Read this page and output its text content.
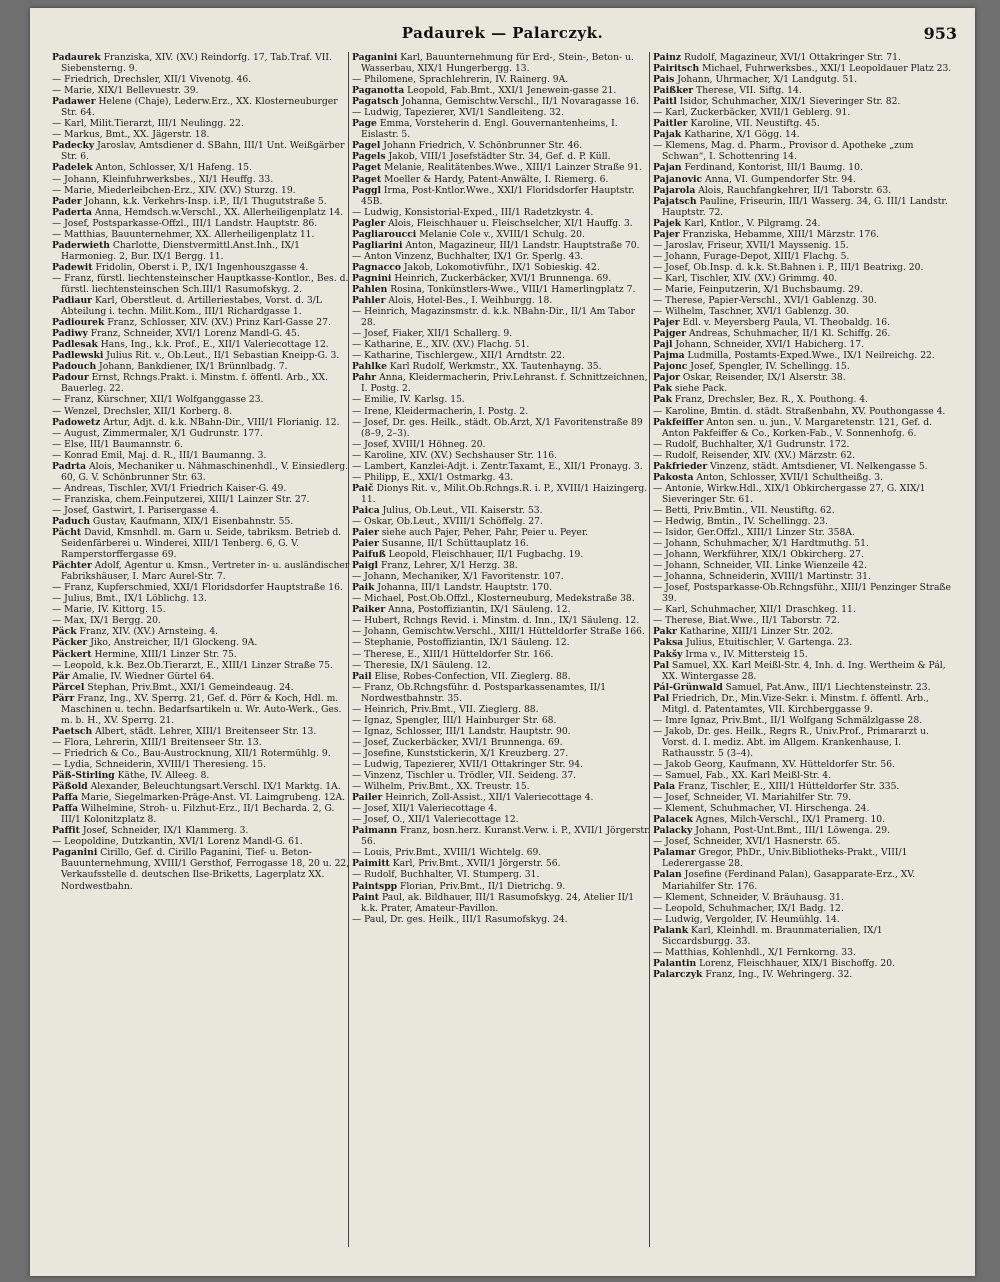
Padaurek — Palarczyk.	953

Padaurek Franziska, XIV. (XV.) Reindorfg. 17, Tab.Traf. VII. Siebensterng. 9.

— Friedrich, Drechsler, XII/1 Vivenotg. 46.

— Marie, XIX/1 Bellevuestr. 39.

Padawer Helene (Chaje), Lederw.Erz., XX. Klosterneuburger Str. 64.

— Karl, Milit.Tierarzt, III/1 Neulingg. 22.

— Markus, Bmt., XX. Jägerstr. 18.

Padecky Jaroslav, Amtsdiener d. SBahn, III/1 Unt. Weißgärber Str. 6.

Padelek Anton, Schlosser, X/1 Hafeng. 15.

— Johann, Kleinfuhrwerksbes., XI/1 Heuffg. 33.

— Marie, Miederleibchen-Erz., XIV. (XV.) Sturzg. 19.

Pader Johann, k.k. Verkehrs-Insp. i.P., II/1 Thugutstraße 5.

Paderta Anna, Hemdsch.w.Verschl., XX. Allerheiligenplatz 14.

— Josef, Postsparkasse-Offzl., III/1 Landstr. Hauptstr. 86.

— Matthias, Bauunternehmer, XX. Allerheiligenplatz 11.

Paderwieth Charlotte, Dienstvermittl.Anst.Inh., IX/1 Harmonieg. 2, Bur. IX/1 Bergg. 11.

Padewit Fridolin, Oberst i. P., IX/1 Ingenhouszgasse 4.

— Franz, fürstl. liechtensteinscher Hauptkasse-Kontlor., Bes. d. fürstl. liechtensteinschen Sch.III/1 Rasumofskyg. 2.

Padiaur Karl, Oberstleut. d. Artilleriestabes, Vorst. d. 3/L Abteilung i. techn. Milit.Kom., III/1 Richardgasse 1.

Padiourek Franz, Schlosser, XIV. (XV.) Prinz Karl-Gasse 27.

Padiwy Franz, Schneider, XVI/1 Lorenz Mandl-G. 45.

Padlesak Hans, Ing., k.k. Prof., E., XII/1 Valeriecottage 12.

Padlewski Julius Rit. v., Ob.Leut., II/1 Sebastian Kneipp-G. 3.

Padouch Johann, Bankdiener, IX/1 Brünnlbadg. 7.

Padour Ernst, Rchngs.Prakt. i. Minstm. f. öffentl. Arb., XX. Bauerleg. 22.

— Franz, Kürschner, XII/1 Wolfganggasse 23.

— Wenzel, Drechsler, XII/1 Korberg. 8.

Padowetz Artur, Adjt. d. k.k. NBahn-Dir., VIII/1 Florianig. 12.

— August, Zimmermaler, X/1 Gudrunstr. 177.

— Else, III/1 Baumannstr. 6.

— Konrad Emil, Maj. d. R., III/1 Baumanng. 3.

Padrta Alois, Mechaniker u. Nähmaschinenhdl., V. Einsiedlerg. 60, G. V. Schönbrunner Str. 63.

— Andreas, Tischler, XVI/1 Friedrich Kaiser-G. 49.

— Franziska, chem.Feinputzerei, XIII/1 Lainzer Str. 27.

— Josef, Gastwirt, I. Parisergasse 4.

Paduch Gustav, Kaufmann, XIX/1 Eisenbahnstr. 55.

Pächt David, Kmsnhdl. m. Garn u. Seide, tabriksm. Betrieb d. Seidenfärberei u. Winderei, XIII/1 Tenberg. 6, G. V. Ramperstorffergasse 69.

Pächter Adolf, Agentur u. Kmsn., Vertreter in- u. ausländischer Fabrikshäuser, I. Marc Aurel-Str. 7.

— Franz, Kupferschmied, XXI/1 Floridsdorfer Hauptstraße 16.

— Julius, Bmt., IX/1 Löblichg. 13.

— Marie, IV. Kittorg. 15.

— Max, IX/1 Bergg. 20.

Päck Franz, XIV. (XV.) Arnsteing. 4.

Päcker Jiko, Anstreicher, II/1 Glockeng. 9A.

Päckert Hermine, XIII/1 Linzer Str. 75.

— Leopold, k.k. Bez.Ob.Tierarzt, E., XIII/1 Linzer Straße 75.

Pär Amalie, IV. Wiedner Gürtel 64.

Pärcel Stephan, Priv.Bmt., XXI/1 Gemeindeaug. 24.

Pärr Franz, Ing., XV. Sperrg. 21, Gef. d. Pörr & Koch, Hdl. m. Maschinen u. techn. Bedarfsartikeln u. Wr. Auto-Werk., Ges. m. b. H., XV. Sperrg. 21.

Paetsch Albert, städt. Lehrer, XIII/1 Breitenseer Str. 13.

— Flora, Lehrerin, XIII/1 Breitenseer Str. 13.

— Friedrich & Co., Bau-Austrocknung, XII/1 Rotermühlg. 9.

— Lydia, Schneiderin, XVIII/1 Theresieng. 15.

Päß-Stirling Käthe, IV. Alleeg. 8.

Päßold Alexander, Beleuchtungsart.Verschl. IX/1 Marktg. 1A.

Paffa Marie, Siegelmarken-Präge-Anst. VI. Laimgrubeng. 12A.

Paffa Wilhelmine, Stroh- u. Filzhut-Erz., II/1 Becharda. 2, G. III/1 Kolonitzplatz 8.

Paffit Josef, Schneider, IX/1 Klammerg. 3.

— Leopoldine, Dutzkantin, XVI/1 Lorenz Mandl-G. 61.

Paganini Cirillo, Gef. d. Cirillo Paganini, Tief- u. Beton-Bauunternehmung, XVIII/1 Gersthof, Ferrogasse 18, 20 u. 22, Verkaufsstelle d. deutschen Ilse-Briketts, Lagerplatz XX. Nordwestbahn.

Paganini Karl, Bauunternehmung für Erd-, Stein-, Beton- u. Wasserbau, XIX/1 Hungerbergg. 13.

— Philomene, Sprachlehrerin, IV. Rainerg. 9A.

Paganotta Leopold, Fab.Bmt., XXI/1 Jenewein-gasse 21.

Pagatsch Johanna, Gemischtw.Verschl., II/1 Novaragasse 16.

— Ludwig, Tapezierer, XVI/1 Sandleiteng. 32.

Page Emma, Vorsteherin d. Engl. Gouvernantenheims, I. Eislastr. 5.

Pagel Johann Friedrich, V. Schönbrunner Str. 46.

Pagels Jakob, VIII/1 Josefstädter Str. 34, Gef. d. P. Küll.

Paget Melanie, Realitätenbes.Wwe., XIII/1 Lainzer Straße 91.

Paget Moeller & Hardy, Patent-Anwälte, I. Riemerg. 6.

Paggl Irma, Post-Kntlor.Wwe., XXI/1 Floridsdorfer Hauptstr. 45B.

— Ludwig, Konsistorial-Exped., III/1 Radetzkystr. 4.

Pagler Alois, Fleischhauer u. Fleischselcher, XI/1 Hauffg. 3.

Pagliaroucci Melanie Cole v., XVIII/1 Schulg. 20.

Pagliarini Anton, Magazineur, III/1 Landstr. Hauptstraße 70.

— Anton Vinzenz, Buchhalter, IX/1 Gr. Sperlg. 43.

Pagnacco Jakob, Lokomotivführ., IX/1 Sobieskig. 42.

Pagnini Heinrich, Zuckerbäcker, XVI/1 Brunnenga. 69.

Pahlen Rosina, Tonkünstlers-Wwe., VIII/1 Hamerlingplatz 7.

Pahler Alois, Hotel-Bes., I. Weihburgg. 18.

— Heinrich, Magazinsmstr. d. k.k. NBahn-Dir., II/1 Am Tabor 28.

— Josef, Fiaker, XII/1 Schallerg. 9.

— Katharine, E., XIV. (XV.) Flachg. 51.

— Katharine, Tischlergew., XII/1 Arndtstr. 22.

Pahlke Karl Rudolf, Werkmstr., XX. Tautenhayng. 35.

Pahr Anna, Kleidermacherin, Priv.Lehranst. f. Schnittzeichnen, I. Postg. 2.

— Emilie, IV. Karlsg. 15.

— Irene, Kleidermacherin, I. Postg. 2.

— Josef, Dr. ges. Heilk., städt. Ob.Arzt, X/1 Favoritenstraße 89 (8–9, 2–3).

— Josef, XVIII/1 Höhneg. 20.

— Karoline, XIV. (XV.) Sechshauser Str. 116.

— Lambert, Kanzlei-Adjt. i. Zentr.Taxamt, E., XII/1 Pronayg. 3.

— Philipp, E., XXI/1 Ostmarkg. 43.

Paič Dionys Rit. v., Milit.Ob.Rchngs.R. i. P., XVIII/1 Haizingerg. 11.

Paica Julius, Ob.Leut., VII. Kaiserstr. 53.

— Oskar, Ob.Leut., XVIII/1 Schöffelg. 27.

Paier siehe auch Pajer, Peher, Pahr, Peier u. Peyer.

Paier Susanne, II/1 Schüttauplatz 16.

Paifuß Leopold, Fleischhauer, II/1 Fugbachg. 19.

Paigl Franz, Lehrer, X/1 Herzg. 38.

— Johann, Mechaniker, X/1 Favoritenstr. 107.

Paik Johanna, III/1 Landstr. Hauptstr. 170.

— Michael, Post.Ob.Offzl., Klosterneuburg, Medekstraße 38.

Paiker Anna, Postoffiziantin, IX/1 Säuleng. 12.

— Hubert, Rchngs Revid. i. Minstm. d. Inn., IX/1 Säuleng. 12.

— Johann, Gemischtw.Verschl., XIII/1 Hütteldorfer Straße 166.

— Stephanie, Postoffiziantin, IX/1 Säuleng. 12.

— Therese, E., XIII/1 Hütteldorfer Str. 166.

— Theresie, IX/1 Säuleng. 12.

Pail Elise, Robes-Confection, VII. Zieglerg. 88.

— Franz, Ob.Rchngsführ. d. Postsparkassenamtes, II/1 Nordwestbahnstr. 35.

— Heinrich, Priv.Bmt., VII. Zieglerg. 88.

— Ignaz, Spengler, III/1 Hainburger Str. 68.

— Ignaz, Schlosser, III/1 Landstr. Hauptstr. 90.

— Josef, Zuckerbäcker, XVI/1 Brunnenga. 69.

— Josefine, Kunststickerin, X/1 Kreuzberg. 27.

— Ludwig, Tapezierer, XVII/1 Ottakringer Str. 94.

— Vinzenz, Tischler u. Trödler, VII. Seideng. 37.

— Wilhelm, Priv.Bmt., XX. Treustr. 15.

Pailer Heinrich, Zoll-Assist., XII/1 Valeriecottage 4.

— Josef, XII/1 Valeriecottage 4.

— Josef, O., XII/1 Valeriecottage 12.

Paimann Franz, bosn.herz. Kuranst.Verw. i. P., XVII/1 Jörgerstr. 56.

— Louis, Priv.Bmt., XVIII/1 Wichtelg. 69.

Paimitt Karl, Priv.Bmt., XVII/1 Jörgerstr. 56.

— Rudolf, Buchhalter, VI. Stumperg. 31.

Paintspp Florian, Priv.Bmt., II/1 Dietrichg. 9.

Paint Paul, ak. Bildhauer, III/1 Rasumofskyg. 24, Atelier II/1 k.k. Prater, Amateur-Pavillon.

— Paul, Dr. ges. Heilk., III/1 Rasumofskyg. 24.

Painz Rudolf, Magazineur, XVI/1 Ottakringer Str. 71.

Pairitsch Michael, Fuhrwerksbes., XXI/1 Leopoldauer Platz 23.

Pais Johann, Uhrmacher, X/1 Landgutg. 51.

Paißker Therese, VII. Siftg. 14.

Paitl Isidor, Schuhmacher, XIX/1 Sieveringer Str. 82.

— Karl, Zuckerbäcker, XVII/1 Geblerg. 91.

Paitler Karoline, VII. Neustiftg. 45.

Pajak Katharine, X/1 Gögg. 14.

— Klemens, Mag. d. Pharm., Provisor d. Apotheke „zum Schwan“, I. Schottenring 14.

Pajan Ferdinand, Kontorist, III/1 Baumg. 10.

Pajanovic Anna, VI. Gumpendorfer Str. 94.

Pajarola Alois, Rauchfangkehrer, II/1 Taborstr. 63.

Pajatsch Pauline, Friseurin, III/1 Wasserg. 34, G. III/1 Landstr. Hauptstr. 72.

Pajek Karl, Kntlor., V. Pilgramg. 24.

Pajer Franziska, Hebamme, XIII/1 Märzstr. 176.

— Jaroslav, Friseur, XVII/1 Mayssenig. 15.

— Johann, Furage-Depot, XIII/1 Flachg. 5.

— Josef, Ob.Insp. d. k.k. St.Bahnen i. P., III/1 Beatrixg. 20.

— Karl, Tischler, XIV. (XV.) Grimmg. 40.

— Marie, Feinputzerin, X/1 Buchsbaumg. 29.

— Therese, Papier-Verschl., XVI/1 Gablenzg. 30.

— Wilhelm, Taschner, XVI/1 Gablenzg. 30.

Pajer Edl. v. Meyersberg Paula, VI. Theobaldg. 16.

Pajger Andreas, Schuhmacher, II/1 Kl. Schiffg. 26.

Pajl Johann, Schneider, XVI/1 Habicherg. 17.

Pajma Ludmilla, Postamts-Exped.Wwe., IX/1 Neilreichg. 22.

Pajonc Josef, Spengler, IV. Schellingg. 15.

Pajor Oskar, Reisender, IX/1 Alserstr. 38.

Pak siehe Pack.

Pak Franz, Drechsler, Bez. R., X. Pouthong. 4.

— Karoline, Bmtin. d. städt. Straßenbahn, XV. Pouthongasse 4.

Pakfeiffer Anton sen. u. jun., V. Margaretenstr. 121, Gef. d. Anton Pakfeiffer & Co., Korken-Fab., V. Sonnenhofg. 6.

— Rudolf, Buchhalter, X/1 Gudrunstr. 172.

— Rudolf, Reisender, XIV. (XV.) Märzstr. 62.

Pakfrieder Vinzenz, städt. Amtsdiener, VI. Nelkengasse 5.

Pakosta Anton, Schlosser, XVII/1 Schultheißg. 3.

— Antonie, Wirkw.Hdl., XIX/1 Obkirchergasse 27, G. XIX/1 Sieveringer Str. 61.

— Betti, Priv.Bmtin., VII. Neustiftg. 62.

— Hedwig, Bmtin., IV. Schellingg. 23.

— Isidor, Ger.Offzl., XIII/1 Linzer Str. 358A.

— Johann, Schuhmacher, X/1 Hardtmuthg. 51.

— Johann, Werkführer, XIX/1 Obkircherg. 27.

— Johann, Schneider, VII. Linke Wienzeile 42.

— Johanna, Schneiderin, XVIII/1 Martinstr. 31.

— Josef, Postsparkasse-Ob.Rchngsführ., XIII/1 Penzinger Straße 39.

— Karl, Schuhmacher, XII/1 Draschkeg. 11.

— Therese, Biat.Wwe., II/1 Taborstr. 72.

Pakr Katharine, XIII/1 Linzer Str. 202.

Paksa Julius, Etuitischler, V. Gartenga. 23.

Pakšy Irma v., IV. Mittersteig 15.

Pal Samuel, XX. Karl Meißl-Str. 4, Inh. d. Ing. Wertheim & Pál, XX. Wintergasse 28.

Pál-Grünwald Samuel, Pat.Anw., III/1 Liechtensteinstr. 23.

Pal Friedrich, Dr., Min.Vize-Sekr. i. Minstm. f. öffentl. Arb., Mitgl. d. Patentamtes, VII. Kirchberggasse 9.

— Imre Ignaz, Priv.Bmt., II/1 Wolfgang Schmälzlgasse 28.

— Jakob, Dr. ges. Heilk., Regrs R., Univ.Prof., Primararzt u. Vorst. d. I. mediz. Abt. im Allgem. Krankenhause, I. Rathausstr. 5 (3–4).

— Jakob Georg, Kaufmann, XV. Hütteldorfer Str. 56.

— Samuel, Fab., XX. Karl Meißl-Str. 4.

Pala Franz, Tischler, E., XIII/1 Hütteldorfer Str. 335.

— Josef, Schneider, VI. Mariahilfer Str. 79.

— Klement, Schuhmacher, VI. Hirschenga. 24.

Palacek Agnes, Milch-Verschl., IX/1 Pramerg. 10.

Palacky Johann, Post-Unt.Bmt., III/1 Löwenga. 29.

— Josef, Schneider, XVI/1 Hasnerstr. 65.

Palamar Gregor, PhDr., Univ.Bibliotheks-Prakt., VIII/1 Lederergasse 28.

Palan Josefine (Ferdinand Palan), Gasapparate-Erz., XV. Mariahilfer Str. 176.

— Klement, Schneider, V. Bräuhausg. 31.

— Leopold, Schuhmacher, IX/1 Badg. 12.

— Ludwig, Vergolder, IV. Heumühlg. 14.

Palank Karl, Kleinhdl. m. Braunmaterialien, IX/1 Siccardsburgg. 33.

— Matthias, Kohlenhdl., X/1 Fernkorng. 33.

Palantin Lorenz, Fleischhauer, XIX/1 Bischoffg. 20.

Palarczyk Franz, Ing., IV. Wehringerg. 32.
